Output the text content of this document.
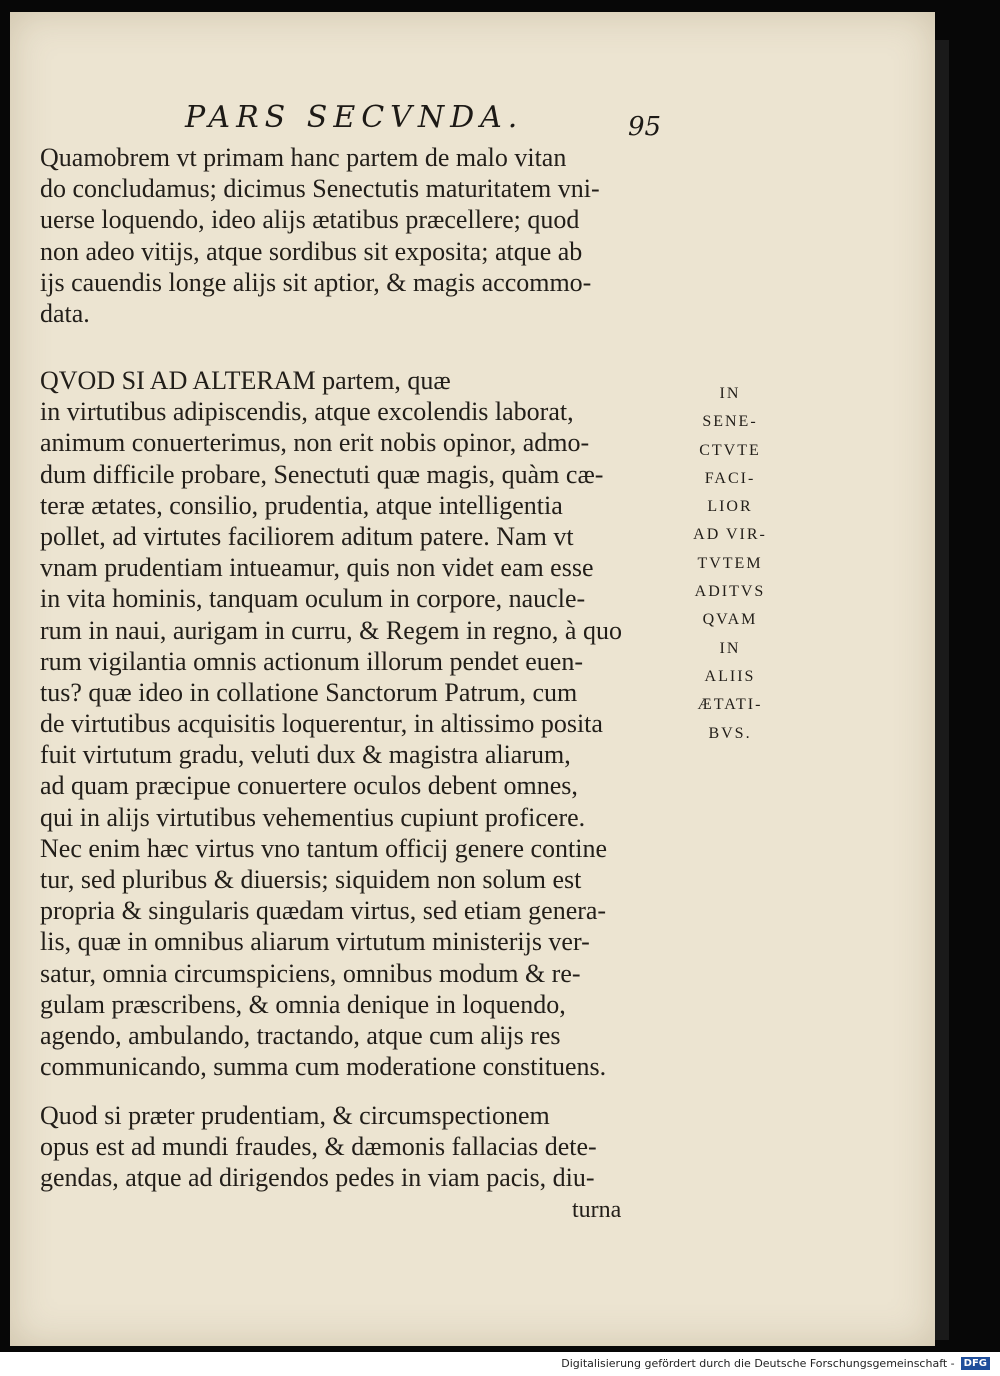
PARS SECVNDA.	95
Quamobrem vt primam hanc partem de malo vitan
do concludamus; dicimus Senectutis maturitatem vni-
uerse loquendo, ideo alijs ætatibus præcellere; quod
non adeo vitijs, atque sordibus sit exposita; atque ab
ijs cauendis longe alijs sit aptior, & magis accommo-
data.
QVOD SI AD ALTERAM partem, quæ
in virtutibus adipiscendis, atque excolendis laborat,
animum conuerterimus, non erit nobis opinor, admo-
dum difficile probare, Senectuti quæ magis, quàm cæ-
teræ ætates, consilio, prudentia, atque intelligentia
pollet, ad virtutes faciliorem aditum patere. Nam vt
vnam prudentiam intueamur, quis non videt eam esse
in vita hominis, tanquam oculum in corpore, naucle-
rum in naui, aurigam in curru, & Regem in regno, à quo
rum vigilantia omnis actionum illorum pendet euen-
tus? quæ ideo in collatione Sanctorum Patrum, cum
de virtutibus acquisitis loquerentur, in altissimo posita
fuit virtutum gradu, veluti dux & magistra aliarum,
ad quam præcipue conuertere oculos debent omnes,
qui in alijs virtutibus vehementius cupiunt proficere.
Nec enim hæc virtus vno tantum officij genere contine
tur, sed pluribus & diuersis; siquidem non solum est
propria & singularis quædam virtus, sed etiam genera-
lis, quæ in omnibus aliarum virtutum ministerijs ver-
satur, omnia circumspiciens, omnibus modum & re-
gulam præscribens, & omnia denique in loquendo,
agendo, ambulando, tractando, atque cum alijs res
communicando, summa cum moderatione constituens.
Quod si præter prudentiam, & circumspectionem
opus est ad mundi fraudes, & dæmonis fallacias dete-
gendas, atque ad dirigendos pedes in viam pacis, diu-
turna
IN
SENE-
CTVTE
FACI-
LIOR
AD VIR-
TVTEM
ADITVS
QVAM
IN
ALIIS
ÆTATI-
BVS.
Digitalisierung gefördert durch die Deutsche Forschungsgemeinschaft - DFG
